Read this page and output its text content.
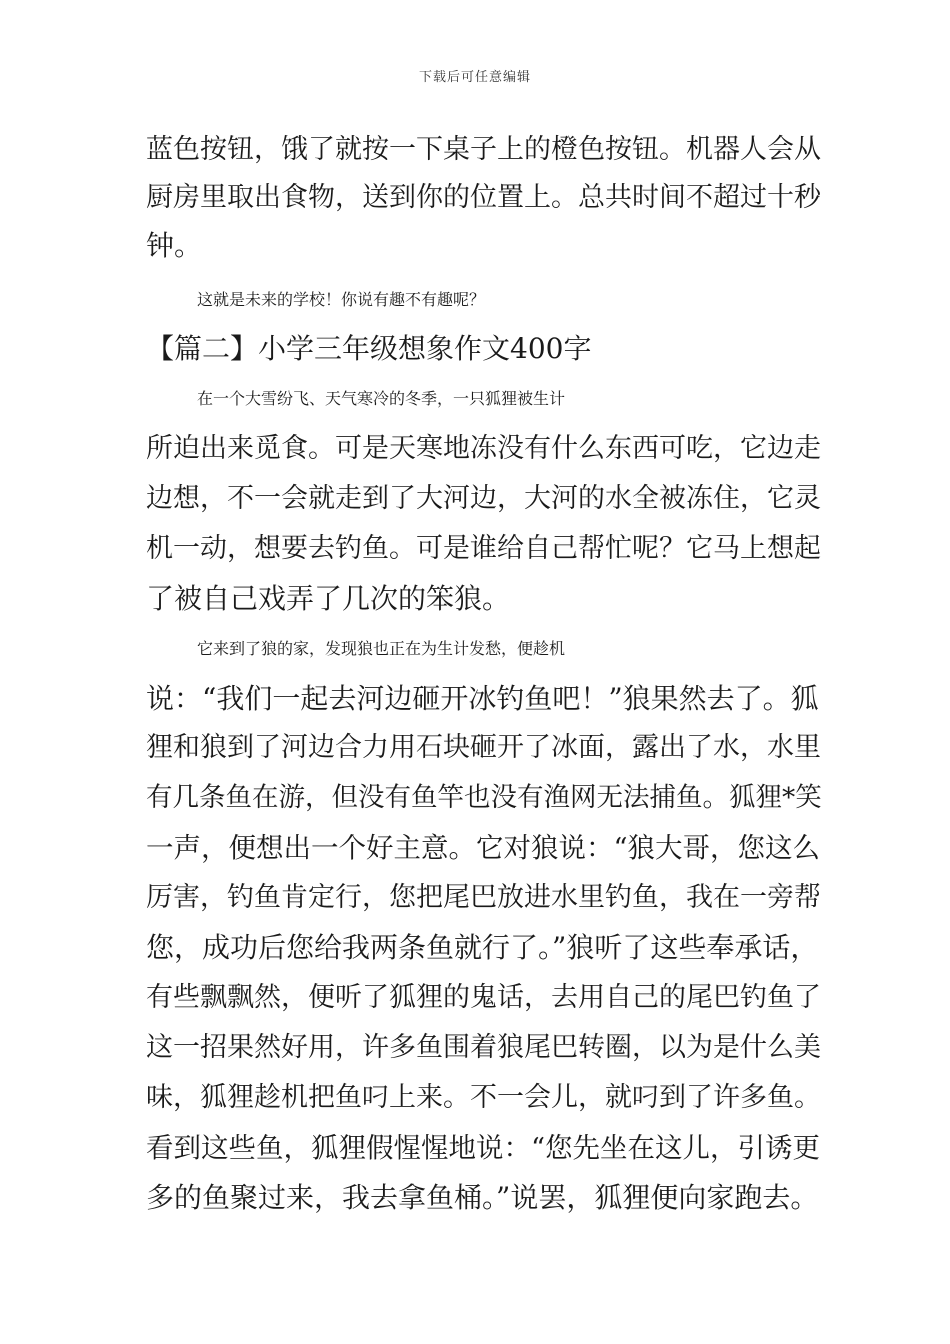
下载后可任意编辑
蓝色按钮，饿了就按一下桌子上的橙色按钮。机器人会从
厨房里取出食物，送到你的位置上。总共时间不超过十秒
钟。
这就是未来的学校！你说有趣不有趣呢？
【篇二】小学三年级想象作文400字
在一个大雪纷飞、天气寒冷的冬季，一只狐狸被生计
所迫出来觅食。可是天寒地冻没有什么东西可吃，它边走
边想，不一会就走到了大河边，大河的水全被冻住，它灵
机一动，想要去钓鱼。可是谁给自己帮忙呢？它马上想起
了被自己戏弄了几次的笨狼。
它来到了狼的家，发现狼也正在为生计发愁，便趁机
说：“我们一起去河边砸开冰钓鱼吧！”狼果然去了。狐
狸和狼到了河边合力用石块砸开了冰面，露出了水，水里
有几条鱼在游，但没有鱼竿也没有渔网无法捕鱼。狐狸*笑
一声，便想出一个好主意。它对狼说：“狼大哥，您这么
厉害，钓鱼肯定行，您把尾巴放进水里钓鱼，我在一旁帮
您，成功后您给我两条鱼就行了。”狼听了这些奉承话，
有些飘飘然，便听了狐狸的鬼话，去用自己的尾巴钓鱼了
这一招果然好用，许多鱼围着狼尾巴转圈，以为是什么美
味，狐狸趁机把鱼叼上来。不一会儿，就叼到了许多鱼。
看到这些鱼，狐狸假惺惺地说：“您先坐在这儿，引诱更
多的鱼聚过来，我去拿鱼桶。”说罢，狐狸便向家跑去。
